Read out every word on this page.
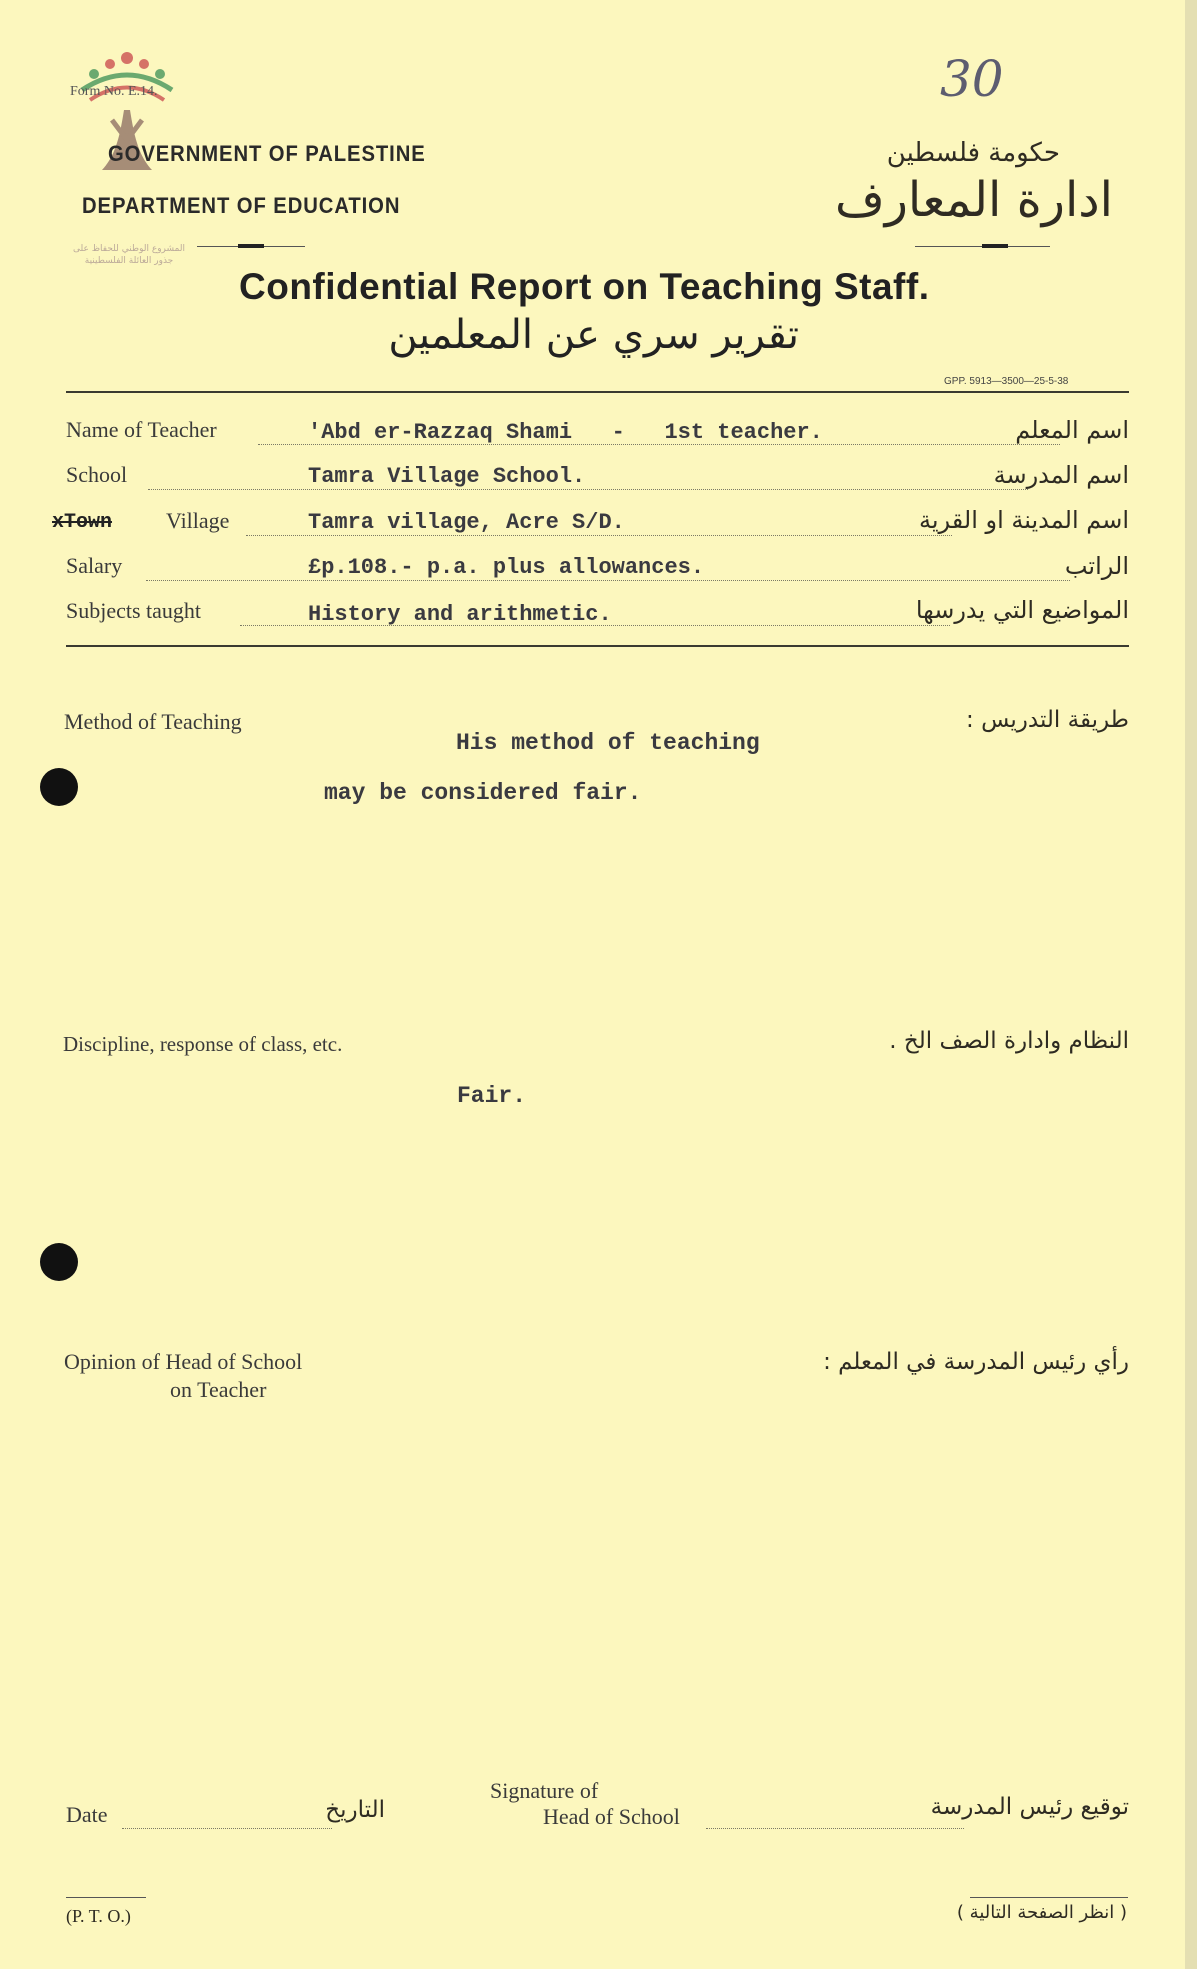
المشروع الوطني للحفاظ على جذور العائلة الفلسطينية
Form No. E.14.	30
GOVERNMENT OF PALESTINE
DEPARTMENT OF EDUCATION
حكومة فلسطين
ادارة المعارف
Confidential Report on Teaching Staff.
تقرير سري عن المعلمين
GPP. 5913—3500—25-5-38
Name of Teacher	'Abd er-Razzaq Shami   -   1st teacher.	اسم المعلم
School	Tamra Village School.	اسم المدرسة
xTown Village	Tamra village, Acre S/D.	اسم المدينة او القرية
Salary	£p.108.- p.a. plus allowances.	الراتب
Subjects taught	History and arithmetic.	المواضيع التي يدرسها
Method of Teaching	طريقة التدريس :
His method of teaching
may be considered fair.
Discipline, response of class, etc.	النظام وادارة الصف الخ .
Fair.
Opinion of Head of School
on Teacher
رأي رئيس المدرسة في المعلم :
Date	التاريخ
Signature of
Head of School	توقيع رئيس المدرسة
(P. T. O.)	( انظر الصفحة التالية )
